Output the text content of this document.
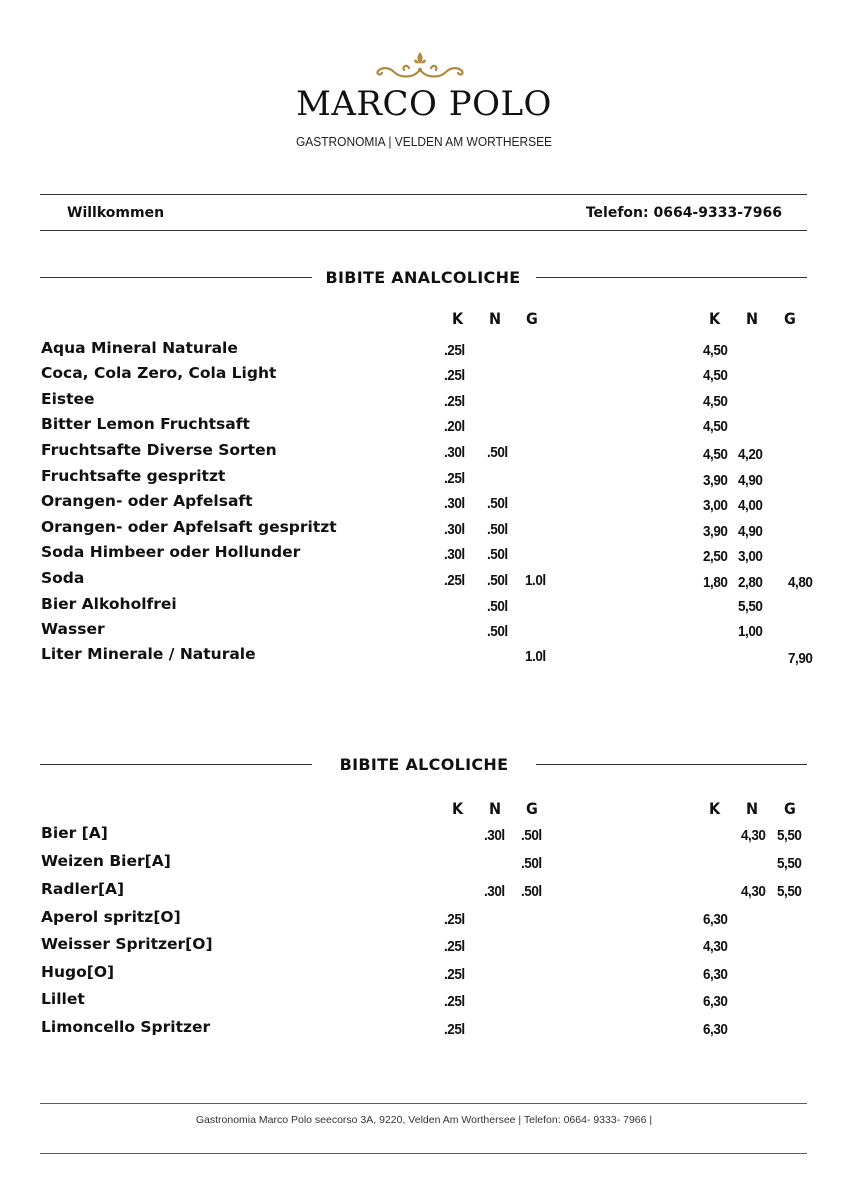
MARCO POLO
GASTRONOMIA | VELDEN AM WORTHERSEE
Willkommen	Telefon: 0664-9333-7966
BIBITE ANALCOLICHE
K N G	K N G
Aqua Mineral Naturale	.25l	4,50
Coca, Cola Zero, Cola Light	.25l	4,50
Eistee	.25l	4,50
Bitter Lemon Fruchtsaft	.20l	4,50
Fruchtsafte Diverse Sorten	.30l .50l	4,50 4,20
Fruchtsafte gespritzt	.25l	3,90 4,90
Orangen- oder Apfelsaft	.30l .50l	3,00 4,00
Orangen- oder Apfelsaft gespritzt	.30l .50l	3,90 4,90
Soda Himbeer oder Hollunder	.30l .50l	2,50 3,00
Soda	.25l .50l 1.0l	1,80 2,80 4,80
Bier Alkoholfrei	.50l	5,50
Wasser	.50l	1,00
Liter Minerale / Naturale	1.0l	7,90
BIBITE ALCOLICHE
K N G	K N G
Bier [A]	.30l .50l	4,30 5,50
Weizen Bier[A]	.50l	5,50
Radler[A]	.30l .50l	4,30 5,50
Aperol spritz[O]	.25l	6,30
Weisser Spritzer[O]	.25l	4,30
Hugo[O]	.25l	6,30
Lillet	.25l	6,30
Limoncello Spritzer	.25l	6,30
Gastronomia Marco Polo seecorso 3A, 9220, Velden Am Worthersee | Telefon: 0664- 9333- 7966 |
